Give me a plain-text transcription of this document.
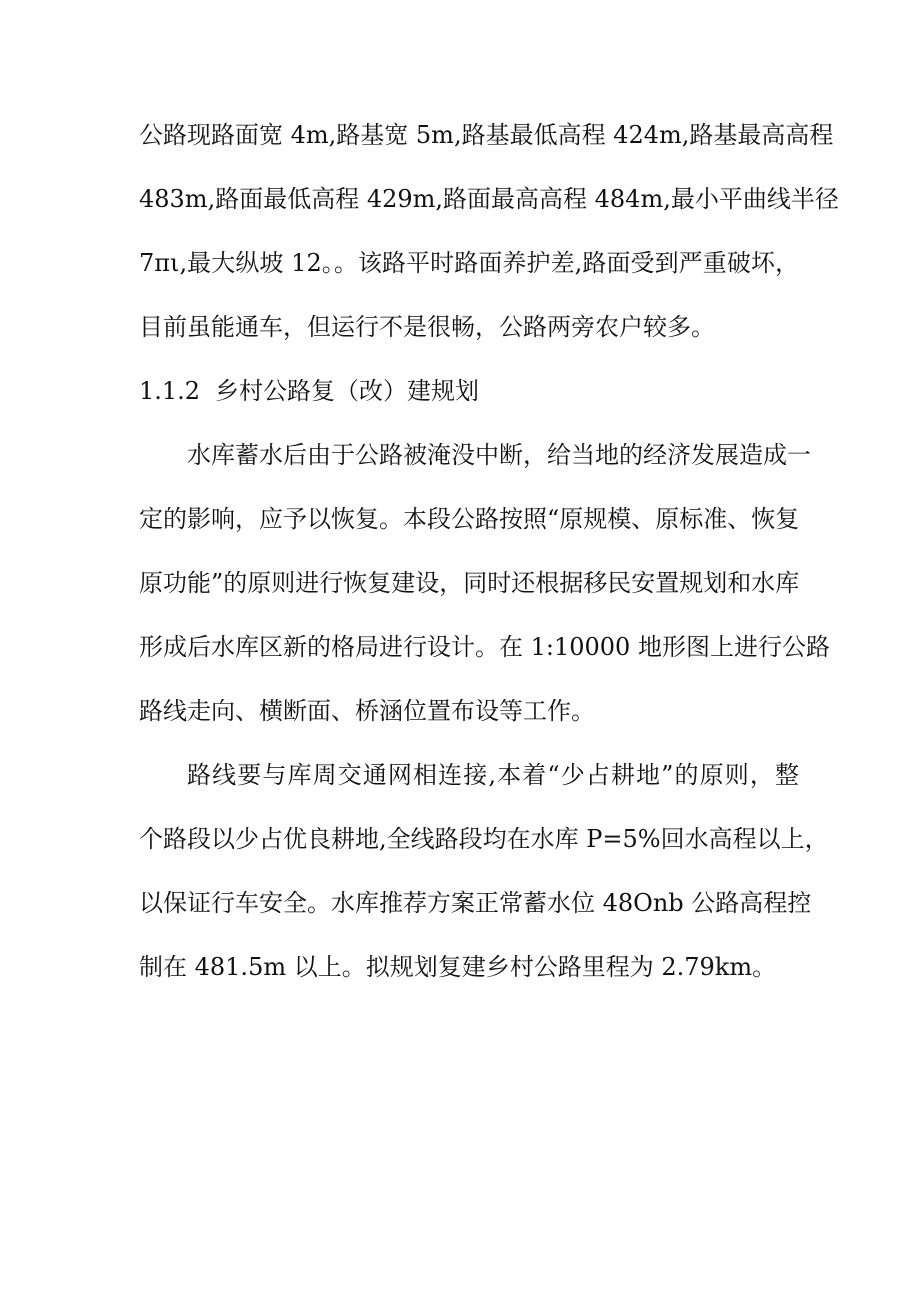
公路现路面宽 4m,路基宽 5m,路基最低高程 424m,路基最高高程
483m,路面最低高程 429m,路面最高高程 484m,最小平曲线半径
7πι,最大纵坡 12。。该路平时路面养护差,路面受到严重破坏，
目前虽能通车，但运行不是很畅，公路两旁农户较多。
1.1.2 乡村公路复（改）建规划
水库蓄水后由于公路被淹没中断，给当地的经济发展造成一
定的影响，应予以恢复。本段公路按照“原规模、原标准、恢复
原功能”的原则进行恢复建设，同时还根据移民安置规划和水库
形成后水库区新的格局进行设计。在 1:10000 地形图上进行公路
路线走向、横断面、桥涵位置布设等工作。
路线要与库周交通网相连接,本着“少占耕地”的原则，整
个路段以少占优良耕地,全线路段均在水库 P=5%回水高程以上，
以保证行车安全。水库推荐方案正常蓄水位 48Onb 公路高程控
制在 481.5m 以上。拟规划复建乡村公路里程为 2.79km。
